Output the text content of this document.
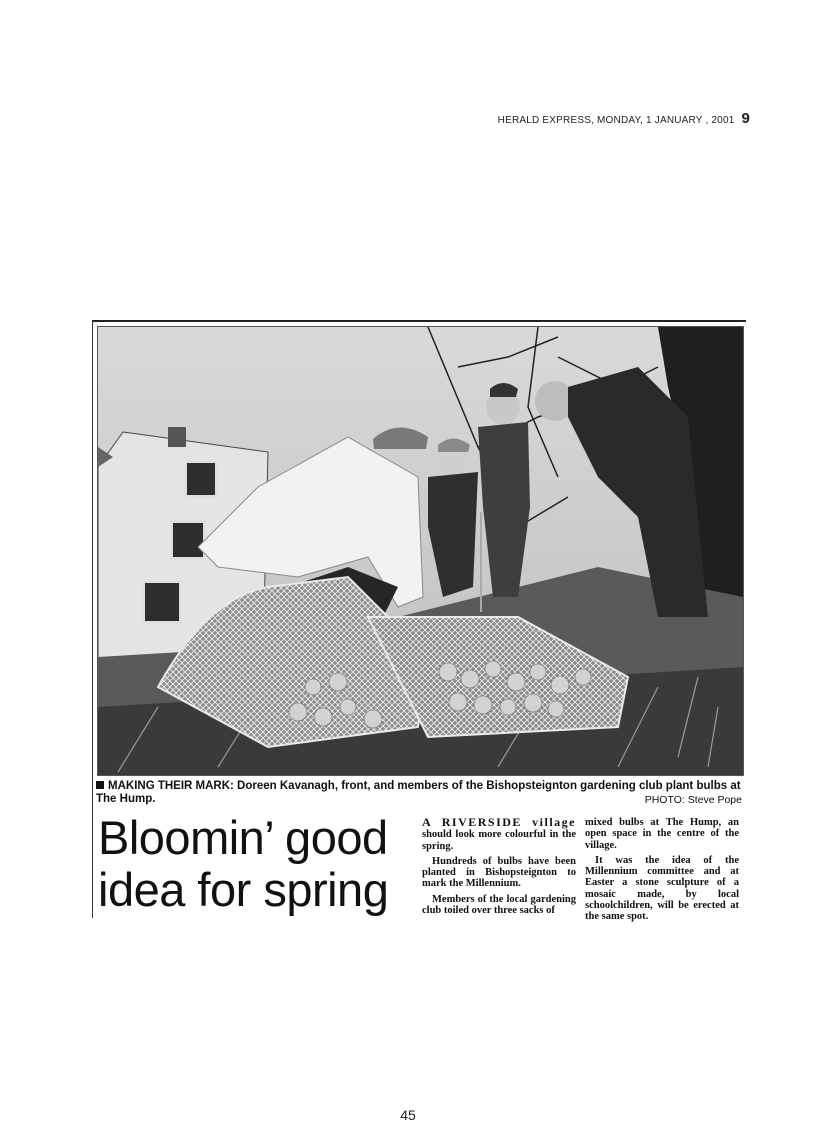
HERALD EXPRESS, MONDAY, 1 JANUARY , 2001 9
MAKING THEIR MARK: Doreen Kavanagh, front, and members of the Bishopsteignton gardening club plant bulbs at The Hump.	PHOTO: Steve Pope
Bloomin’ good
idea for spring

A RIVERSIDE village should look more colourful in the spring.

Hundreds of bulbs have been planted in Bishopsteignton to mark the Millennium.

Members of the local gardening club toiled over three sacks of

mixed bulbs at The Hump, an open space in the centre of the village.

It was the idea of the Millennium committee and at Easter a stone sculpture of a mosaic made, by local schoolchildren, will be erected at the same spot.

45
